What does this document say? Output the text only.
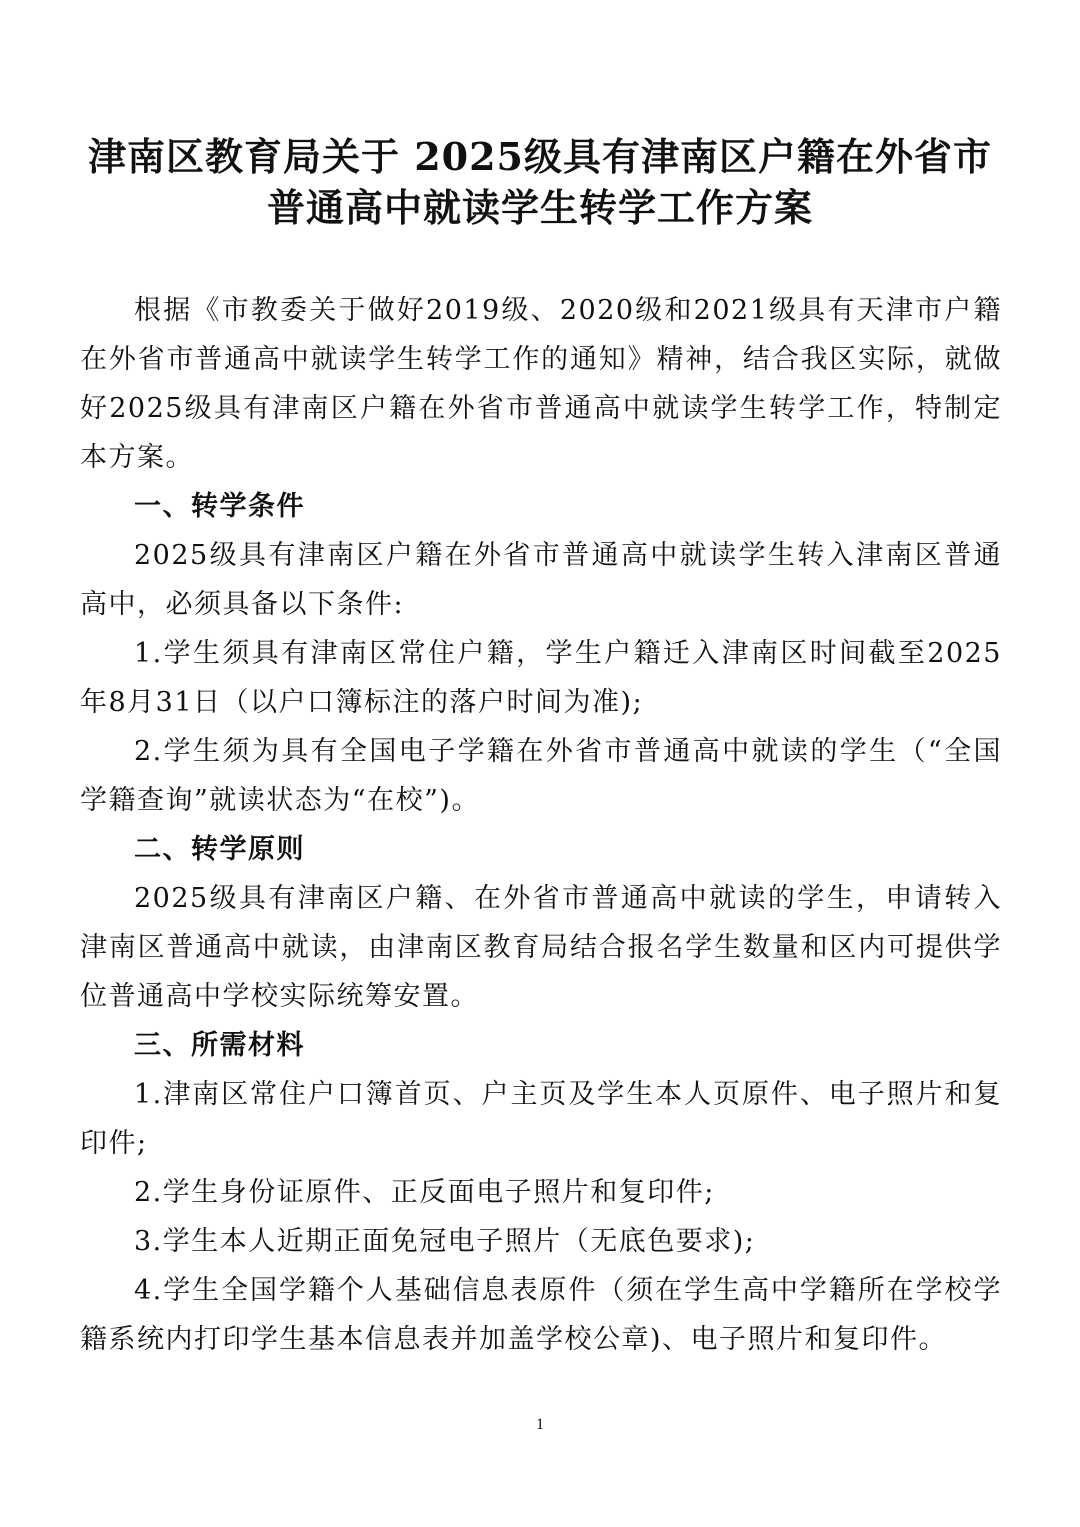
津南区教育局关于 2025级具有津南区户籍在外省市
普通高中就读学生转学工作方案

根据《市教委关于做好2019级、2020级和2021级具有天津市户籍在外省市普通高中就读学生转学工作的通知》精神，结合我区实际，就做好2025级具有津南区户籍在外省市普通高中就读学生转学工作，特制定本方案。

一、转学条件

2025级具有津南区户籍在外省市普通高中就读学生转入津南区普通高中，必须具备以下条件:

1.学生须具有津南区常住户籍，学生户籍迁入津南区时间截至2025年8月31日（以户口簿标注的落户时间为准);

2.学生须为具有全国电子学籍在外省市普通高中就读的学生（“全国学籍查询”就读状态为“在校”)。

二、转学原则

2025级具有津南区户籍、在外省市普通高中就读的学生，申请转入津南区普通高中就读，由津南区教育局结合报名学生数量和区内可提供学位普通高中学校实际统筹安置。

三、所需材料

1.津南区常住户口簿首页、户主页及学生本人页原件、电子照片和复印件;

2.学生身份证原件、正反面电子照片和复印件;

3.学生本人近期正面免冠电子照片（无底色要求);

4.学生全国学籍个人基础信息表原件（须在学生高中学籍所在学校学籍系统内打印学生基本信息表并加盖学校公章)、电子照片和复印件。

1
